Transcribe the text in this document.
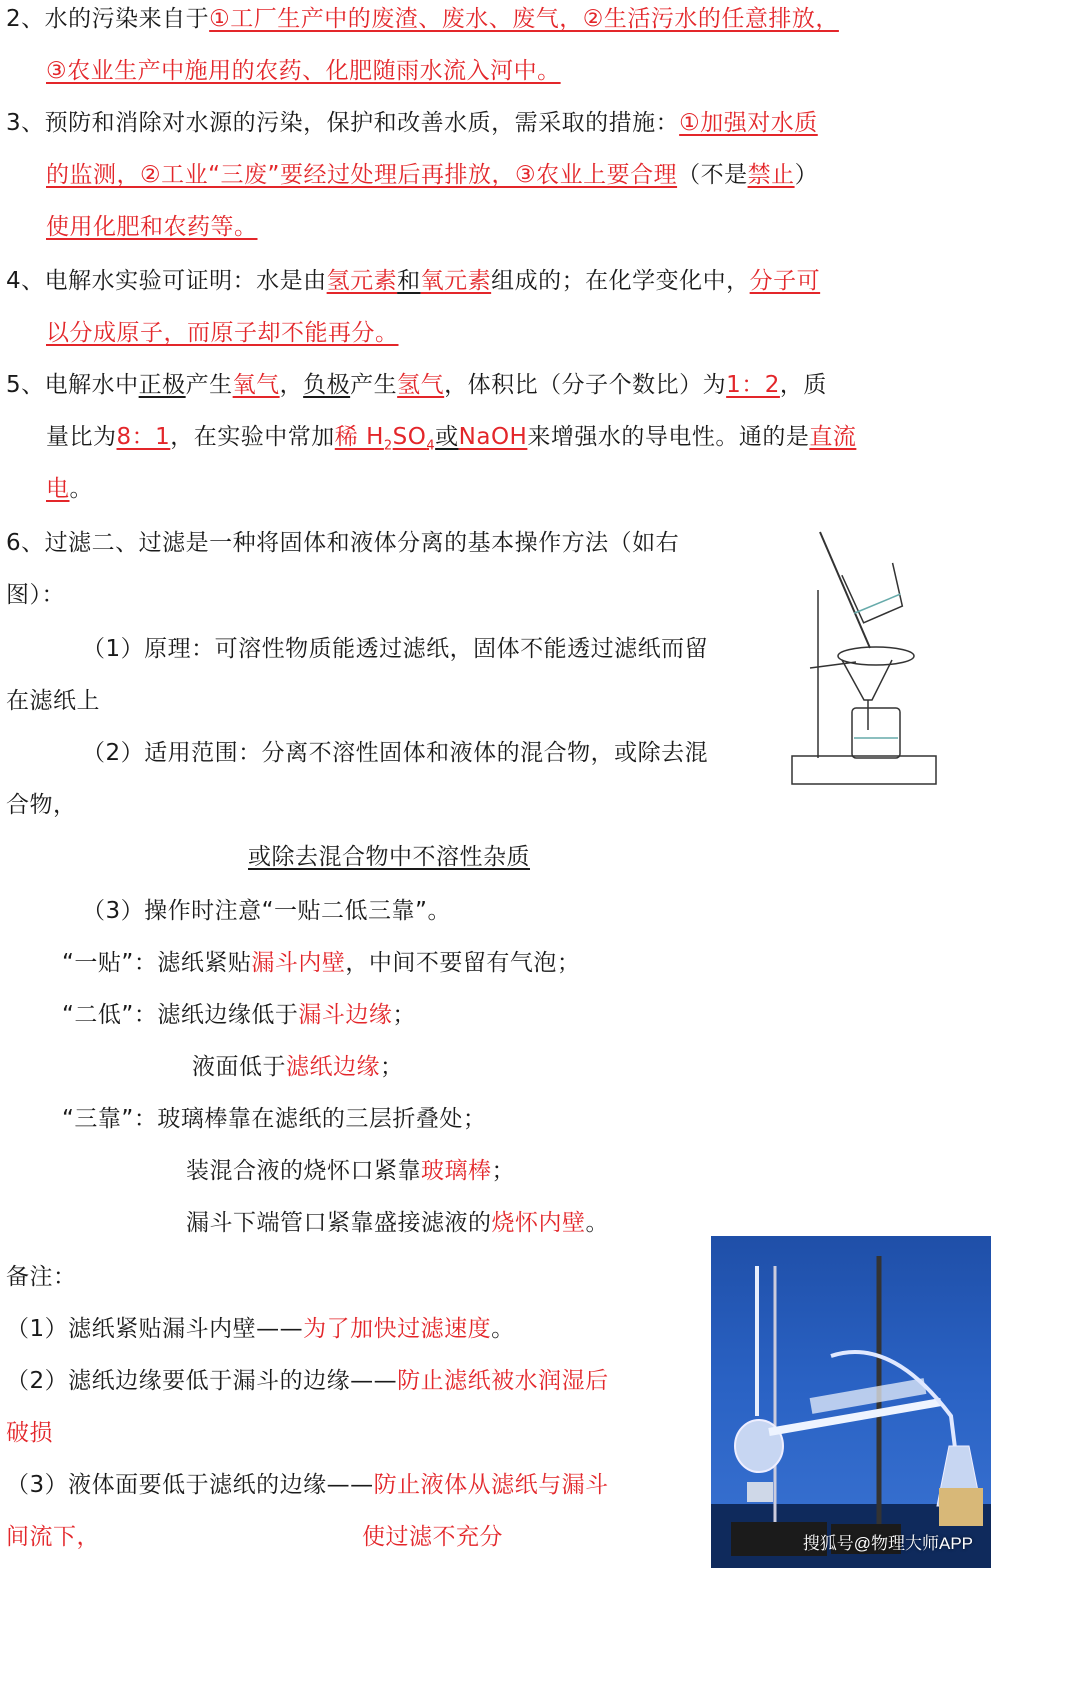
2、水的污染来自于①工厂生产中的废渣、废水、废气，②生活污水的任意排放，
③农业生产中施用的农药、化肥随雨水流入河中。
3、预防和消除对水源的污染，保护和改善水质，需采取的措施：①加强对水质
的监测，②工业“三废”要经过处理后再排放，③农业上要合理（不是禁止）
使用化肥和农药等。
4、电解水实验可证明：水是由氢元素和氧元素组成的；在化学变化中，分子可
以分成原子，而原子却不能再分。
5、电解水中正极产生氧气，负极产生氢气，体积比（分子个数比）为1：2，质
量比为8：1，在实验中常加稀 $H_2SO_4$或NaOH来增强水的导电性。通的是直流
电。
6、过滤二、过滤是一种将固体和液体分离的基本操作方法（如右
图）：
（1）原理：可溶性物质能透过滤纸，固体不能透过滤纸而留
在滤纸上
（2）适用范围：分离不溶性固体和液体的混合物，或除去混
合物，
或除去混合物中不溶性杂质
（3）操作时注意“一贴二低三靠”。
“一贴”：滤纸紧贴漏斗内壁，中间不要留有气泡；
“二低”：滤纸边缘低于漏斗边缘；
液面低于滤纸边缘；
“三靠”：玻璃棒靠在滤纸的三层折叠处；
装混合液的烧怀口紧靠玻璃棒；
漏斗下端管口紧靠盛接滤液的烧怀内壁。
备注：
（1）滤纸紧贴漏斗内壁——为了加快过滤速度。
（2）滤纸边缘要低于漏斗的边缘——防止滤纸被水润湿后
破损
（3）液体面要低于滤纸的边缘——防止液体从滤纸与漏斗
间流下，	使过滤不充分	搜狐号@物理大师APP
